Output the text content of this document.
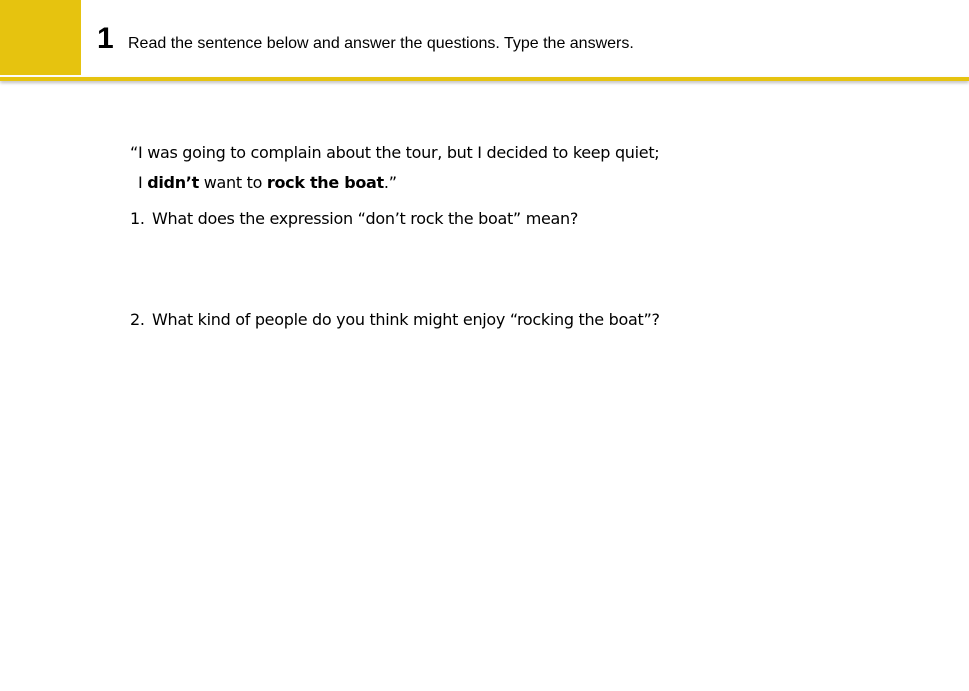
1 Read the sentence below and answer the questions. Type the answers.
“I was going to complain about the tour, but I decided to keep quiet;
I didn’t want to rock the boat.”
1. What does the expression “don’t rock the boat” mean?
2. What kind of people do you think might enjoy “rocking the boat”?
